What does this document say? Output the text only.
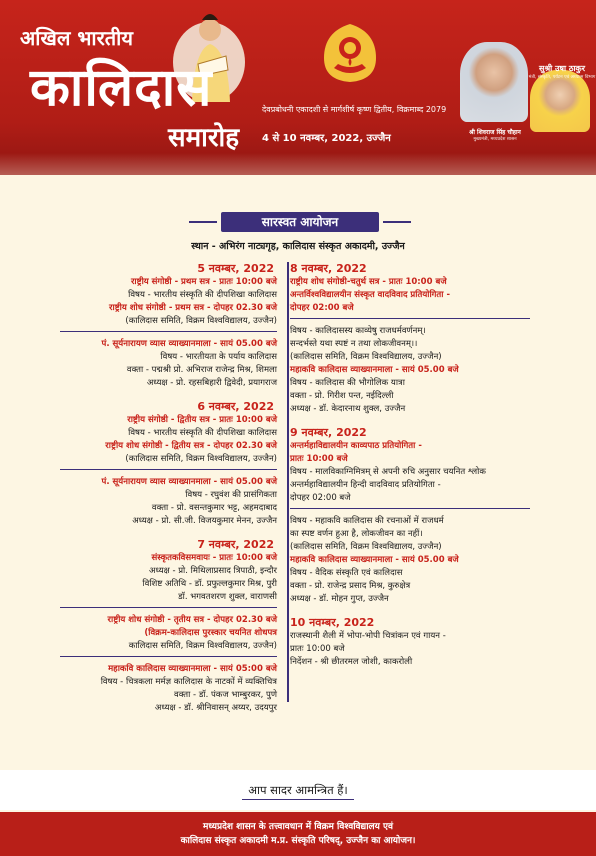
अखिल भारतीय
कालिदास
समारोह
देवप्रबोधनी एकादशी से मार्गशीर्ष कृष्ण द्वितीय, विक्रमाब्द 2079
4 से 10 नवम्बर, 2022, उज्जैन
श्री शिवराज सिंह चौहान
मुख्यमंत्री, मध्यप्रदेश शासन
सुश्री उषा ठाकुर
मंत्री, संस्कृति, पर्यटन एवं अध्यात्म विभाग
सारस्वत आयोजन
स्थान - अभिरंग नाट्यगृह, कालिदास संस्कृत अकादमी, उज्जैन
5 नवम्बर, 2022
राष्ट्रीय संगोष्ठी - प्रथम सत्र - प्रातः 10:00 बजे
विषय - भारतीय संस्कृति की दीपशिखा कालिदास
राष्ट्रीय शोध संगोष्ठी - प्रथम सत्र - दोपहर 02.30 बजे
(कालिदास समिति, विक्रम विश्वविद्यालय, उज्जैन)
पं. सूर्यनारायण व्यास व्याख्यानमाला - सायं 05.00 बजे
विषय - भारतीयता के पर्याय कालिदास
वक्ता - पद्मश्री प्रो. अभिराज राजेन्द्र मिश्र, शिमला
अध्यक्ष - प्रो. रहसबिहारी द्विवेदी, प्रयागराज
6 नवम्बर, 2022
राष्ट्रीय संगोष्ठी - द्वितीय सत्र - प्रातः 10:00 बजे
विषय - भारतीय संस्कृति की दीपशिखा कालिदास
राष्ट्रीय शोध संगोष्ठी - द्वितीय सत्र - दोपहर 02.30 बजे
(कालिदास समिति, विक्रम विश्वविद्यालय, उज्जैन)
पं. सूर्यनारायण व्यास व्याख्यानमाला - सायं 05.00 बजे
विषय - रघुवंश की प्रासंगिकता
वक्ता - प्रो. वसन्तकुमार भट्ट, अहमदाबाद
अध्यक्ष - प्रो. सी.जी. विजयकुमार मेनन, उज्जैन
7 नवम्बर, 2022
संस्कृतकविसमवायः - प्रातः 10:00 बजे
अध्यक्ष - प्रो. मिथिलाप्रसाद त्रिपाठी, इन्दौर
विशिष्ट अतिथि - डॉ. प्रफुल्लकुमार मिश्र, पुरी
डॉ. भगवतशरण शुक्ल, वाराणसी
राष्ट्रीय शोध संगोष्ठी - तृतीय सत्र - दोपहर 02.30 बजे
(विक्रम-कालिदास पुरस्कार चयनित शोधपत्र
कालिदास समिति, विक्रम विश्वविद्यालय, उज्जैन)
महाकवि कालिदास व्याख्यानमाला - सायं 05:00 बजे
विषय - चित्रकला मर्मज्ञ कालिदास के नाटकों में व्यक्तिचित्र
वक्ता - डॉ. पंकज भाम्बुरकर, पुणे
अध्यक्ष - डॉ. श्रीनिवासन् अय्यर, उदयपुर
8 नवम्बर, 2022
राष्ट्रीय शोध संगोष्ठी-चतुर्थ सत्र - प्रातः 10:00 बजे
अन्तर्विश्वविद्यालयीन संस्कृत वादविवाद प्रतियोगिता -
दोपहर 02:00 बजे
विषय - कालिदासस्य काव्येषु राजधर्मवर्णनम्।
सन्दर्भस्ते यथा स्पष्टं न तथा लोकजीवनम्।।
(कालिदास समिति, विक्रम विश्वविद्यालय, उज्जैन)
महाकवि कालिदास व्याख्यानमाला - सायं 05.00 बजे
विषय - कालिदास की भौगोलिक यात्रा
वक्ता - प्रो. गिरीश पन्त, नईदिल्ली
अध्यक्ष - डॉ. केदारनाथ शुक्ल, उज्जैन
9 नवम्बर, 2022
अन्तर्महाविद्यालयीन काव्यपाठ प्रतियोगिता -
प्रातः 10:00 बजे
विषय - मालविकाग्निमित्रम् से अपनी रुचि अनुसार चयनित श्लोक
अन्तर्महाविद्यालयीन हिन्दी वादविवाद प्रतियोगिता -
दोपहर 02:00 बजे
विषय - महाकवि कालिदास की रचनाओं में राजधर्म
का स्पष्ट वर्णन हुआ है, लोकजीवन का नहीं।
(कालिदास समिति, विक्रम विश्वविद्यालय, उज्जैन)
महाकवि कालिदास व्याख्यानमाला - सायं 05.00 बजे
विषय - वैदिक संस्कृति एवं कालिदास
वक्ता - प्रो. राजेन्द्र प्रसाद मिश्र, कुरुक्षेत्र
अध्यक्ष - डॉ. मोहन गुप्त, उज्जैन
10 नवम्बर, 2022
राजस्थानी शैली में भोपा-भोपी चित्रांकन एवं गायन -
प्रातः 10:00 बजे
निर्देशन - श्री छीतरमल जोशी, काकरोली
आप सादर आमन्त्रित हैं।
मध्यप्रदेश शासन के तत्त्वावधान में विक्रम विश्वविद्यालय एवं
कालिदास संस्कृत अकादमी म.प्र. संस्कृति परिषद्, उज्जैन का आयोजन।
